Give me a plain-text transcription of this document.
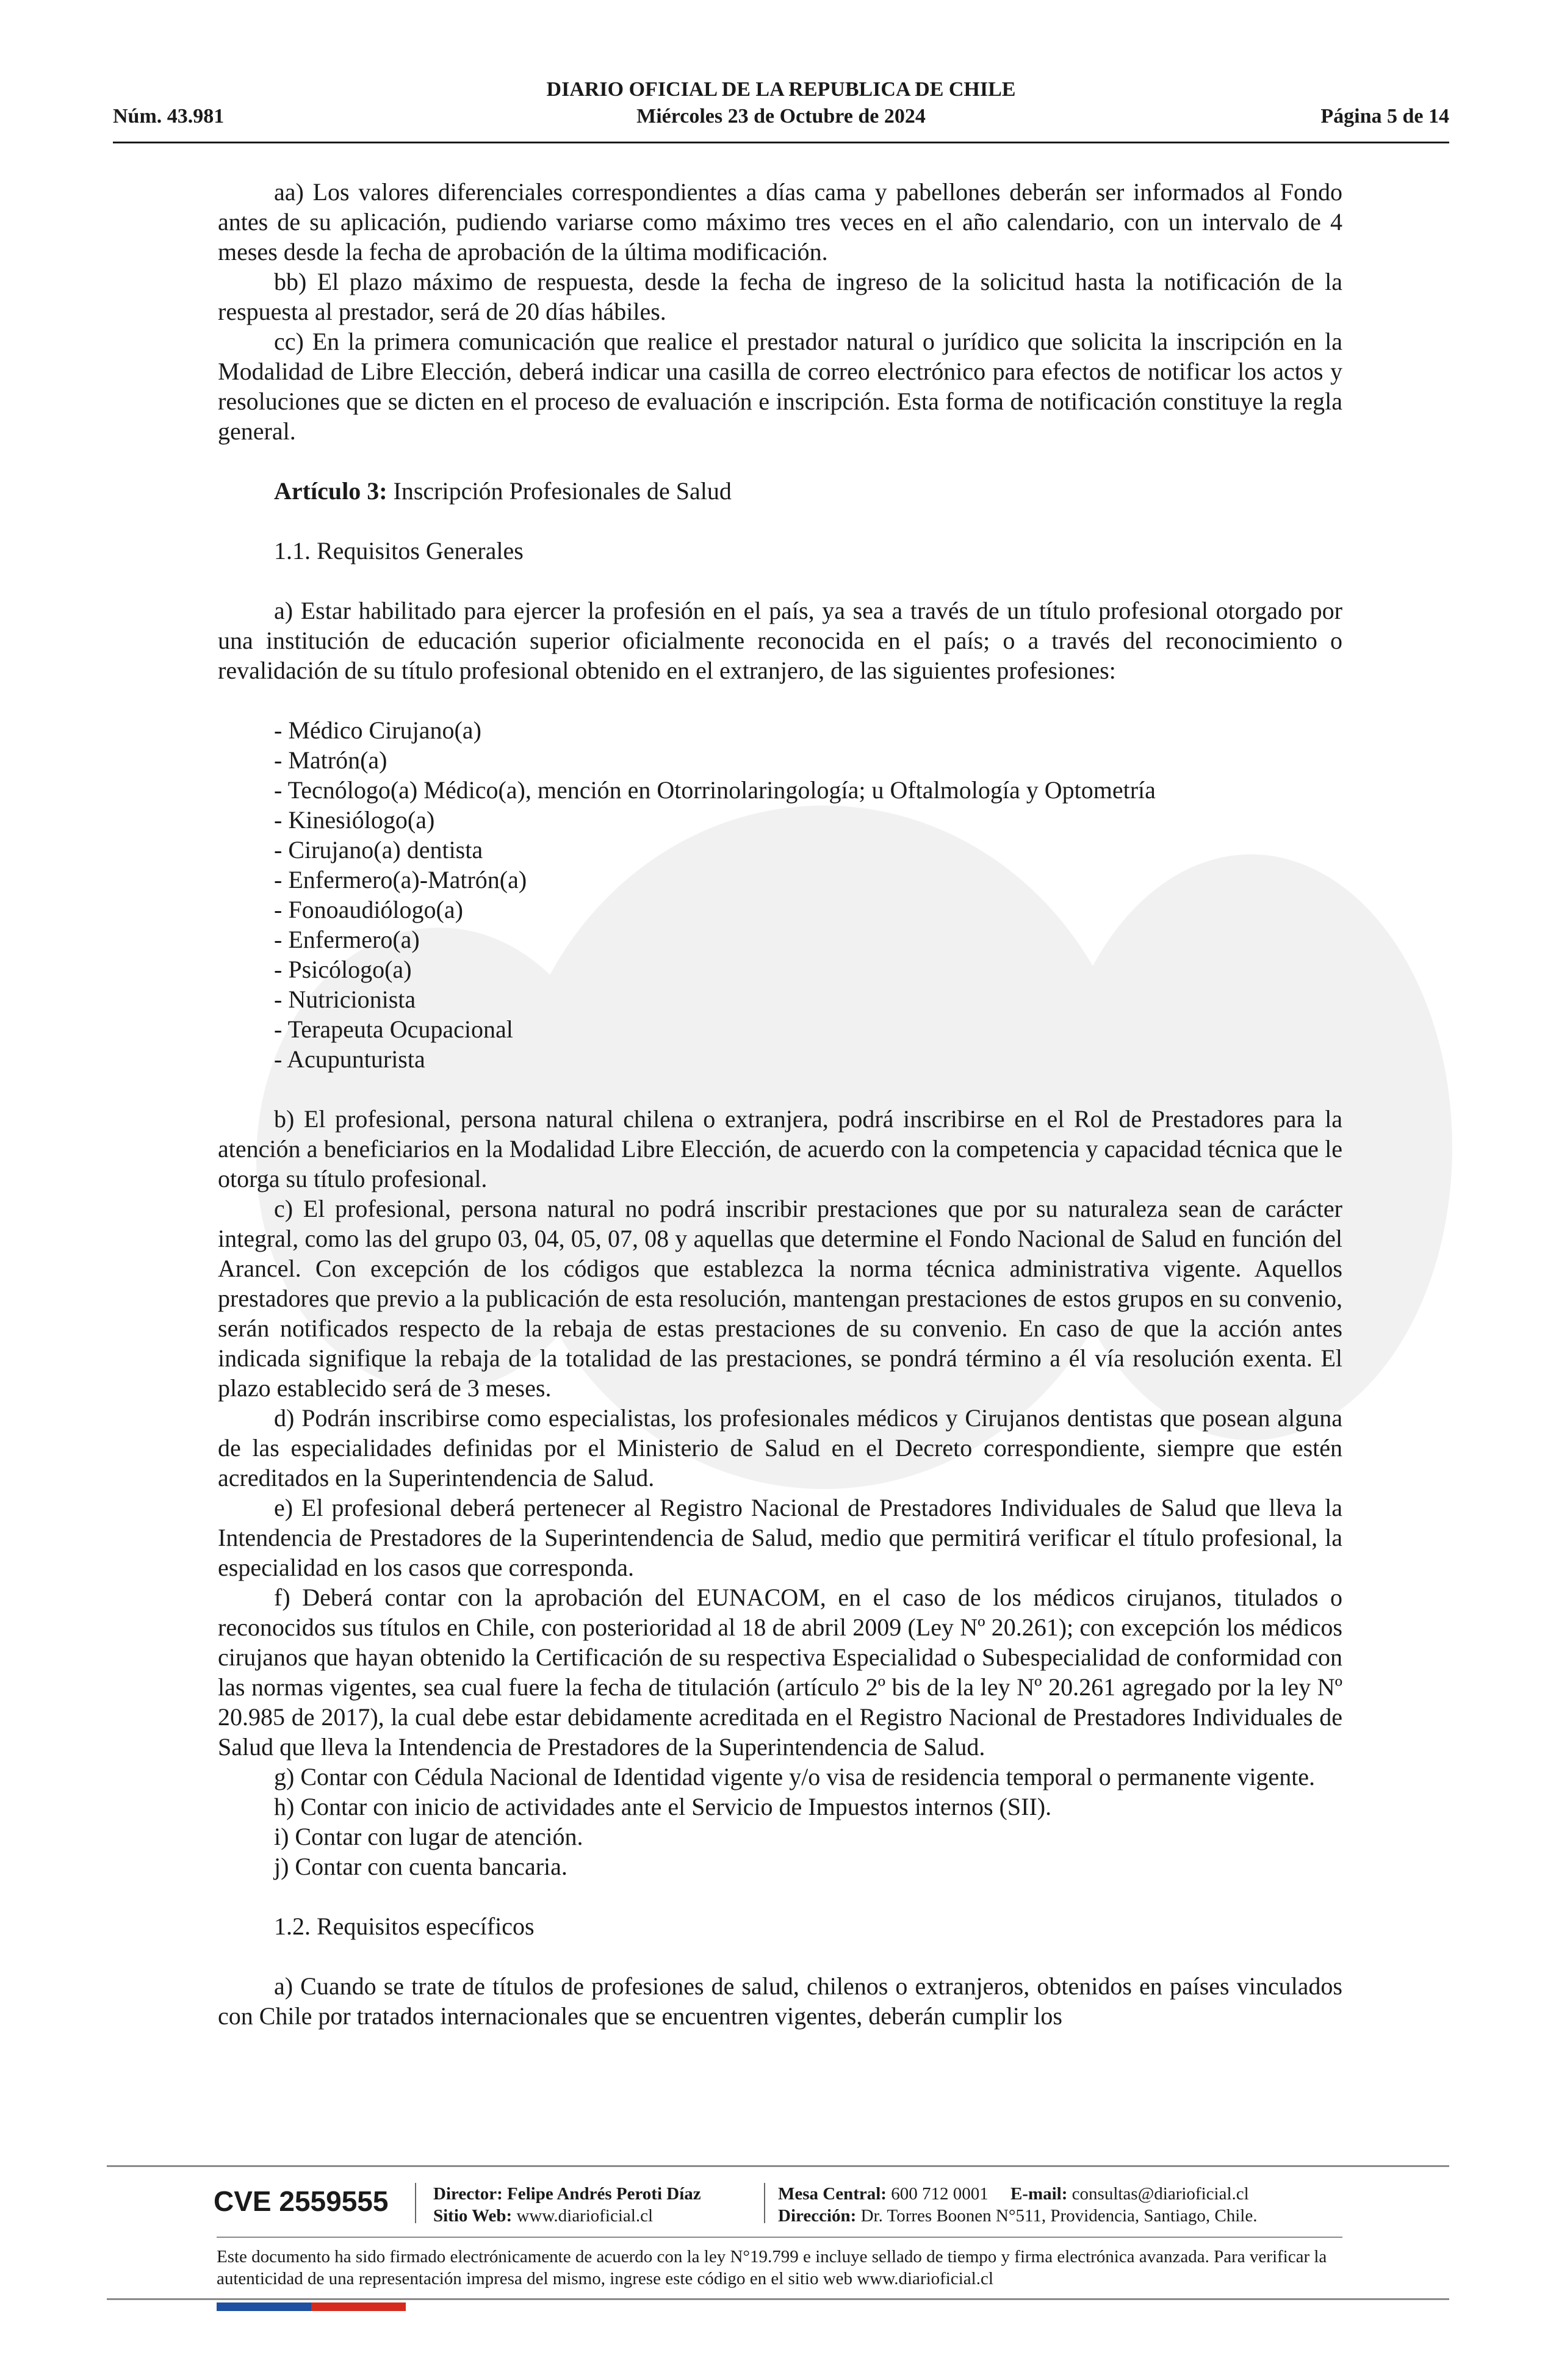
DIARIO OFICIAL DE LA REPUBLICA DE CHILE
Miércoles 23 de Octubre de 2024
Núm. 43.981	Página 5 de 14

aa) Los valores diferenciales correspondientes a días cama y pabellones deberán ser informados al Fondo antes de su aplicación, pudiendo variarse como máximo tres veces en el año calendario, con un intervalo de 4 meses desde la fecha de aprobación de la última modificación.

bb) El plazo máximo de respuesta, desde la fecha de ingreso de la solicitud hasta la notificación de la respuesta al prestador, será de 20 días hábiles.

cc) En la primera comunicación que realice el prestador natural o jurídico que solicita la inscripción en la Modalidad de Libre Elección, deberá indicar una casilla de correo electrónico para efectos de notificar los actos y resoluciones que se dicten en el proceso de evaluación e inscripción. Esta forma de notificación constituye la regla general.

Artículo 3: Inscripción Profesionales de Salud

1.1. Requisitos Generales

a) Estar habilitado para ejercer la profesión en el país, ya sea a través de un título profesional otorgado por una institución de educación superior oficialmente reconocida en el país; o a través del reconocimiento o revalidación de su título profesional obtenido en el extranjero, de las siguientes profesiones:

- Médico Cirujano(a)
- Matrón(a)
- Tecnólogo(a) Médico(a), mención en Otorrinolaringología; u Oftalmología y Optometría
- Kinesiólogo(a)
- Cirujano(a) dentista
- Enfermero(a)-Matrón(a)
- Fonoaudiólogo(a)
- Enfermero(a)
- Psicólogo(a)
- Nutricionista
- Terapeuta Ocupacional
- Acupunturista

b) El profesional, persona natural chilena o extranjera, podrá inscribirse en el Rol de Prestadores para la atención a beneficiarios en la Modalidad Libre Elección, de acuerdo con la competencia y capacidad técnica que le otorga su título profesional.

c) El profesional, persona natural no podrá inscribir prestaciones que por su naturaleza sean de carácter integral, como las del grupo 03, 04, 05, 07, 08 y aquellas que determine el Fondo Nacional de Salud en función del Arancel. Con excepción de los códigos que establezca la norma técnica administrativa vigente. Aquellos prestadores que previo a la publicación de esta resolución, mantengan prestaciones de estos grupos en su convenio, serán notificados respecto de la rebaja de estas prestaciones de su convenio. En caso de que la acción antes indicada signifique la rebaja de la totalidad de las prestaciones, se pondrá término a él vía resolución exenta. El plazo establecido será de 3 meses.

d) Podrán inscribirse como especialistas, los profesionales médicos y Cirujanos dentistas que posean alguna de las especialidades definidas por el Ministerio de Salud en el Decreto correspondiente, siempre que estén acreditados en la Superintendencia de Salud.

e) El profesional deberá pertenecer al Registro Nacional de Prestadores Individuales de Salud que lleva la Intendencia de Prestadores de la Superintendencia de Salud, medio que permitirá verificar el título profesional, la especialidad en los casos que corresponda.

f) Deberá contar con la aprobación del EUNACOM, en el caso de los médicos cirujanos, titulados o reconocidos sus títulos en Chile, con posterioridad al 18 de abril 2009 (Ley Nº 20.261); con excepción los médicos cirujanos que hayan obtenido la Certificación de su respectiva Especialidad o Subespecialidad de conformidad con las normas vigentes, sea cual fuere la fecha de titulación (artículo 2º bis de la ley Nº 20.261 agregado por la ley Nº 20.985 de 2017), la cual debe estar debidamente acreditada en el Registro Nacional de Prestadores Individuales de Salud que lleva la Intendencia de Prestadores de la Superintendencia de Salud.

g) Contar con Cédula Nacional de Identidad vigente y/o visa de residencia temporal o permanente vigente.

h) Contar con inicio de actividades ante el Servicio de Impuestos internos (SII).

i) Contar con lugar de atención.

j) Contar con cuenta bancaria.

1.2. Requisitos específicos

a) Cuando se trate de títulos de profesiones de salud, chilenos o extranjeros, obtenidos en países vinculados con Chile por tratados internacionales que se encuentren vigentes, deberán cumplir los

CVE 2559555	Director: Felipe Andrés Peroti Díaz
Sitio Web: www.diarioficial.cl
Mesa Central: 600 712 0001 E-mail: consultas@diarioficial.cl
Dirección: Dr. Torres Boonen N°511, Providencia, Santiago, Chile.
Este documento ha sido firmado electrónicamente de acuerdo con la ley N°19.799 e incluye sellado de tiempo y firma electrónica avanzada. Para verificar la autenticidad de una representación impresa del mismo, ingrese este código en el sitio web www.diarioficial.cl
